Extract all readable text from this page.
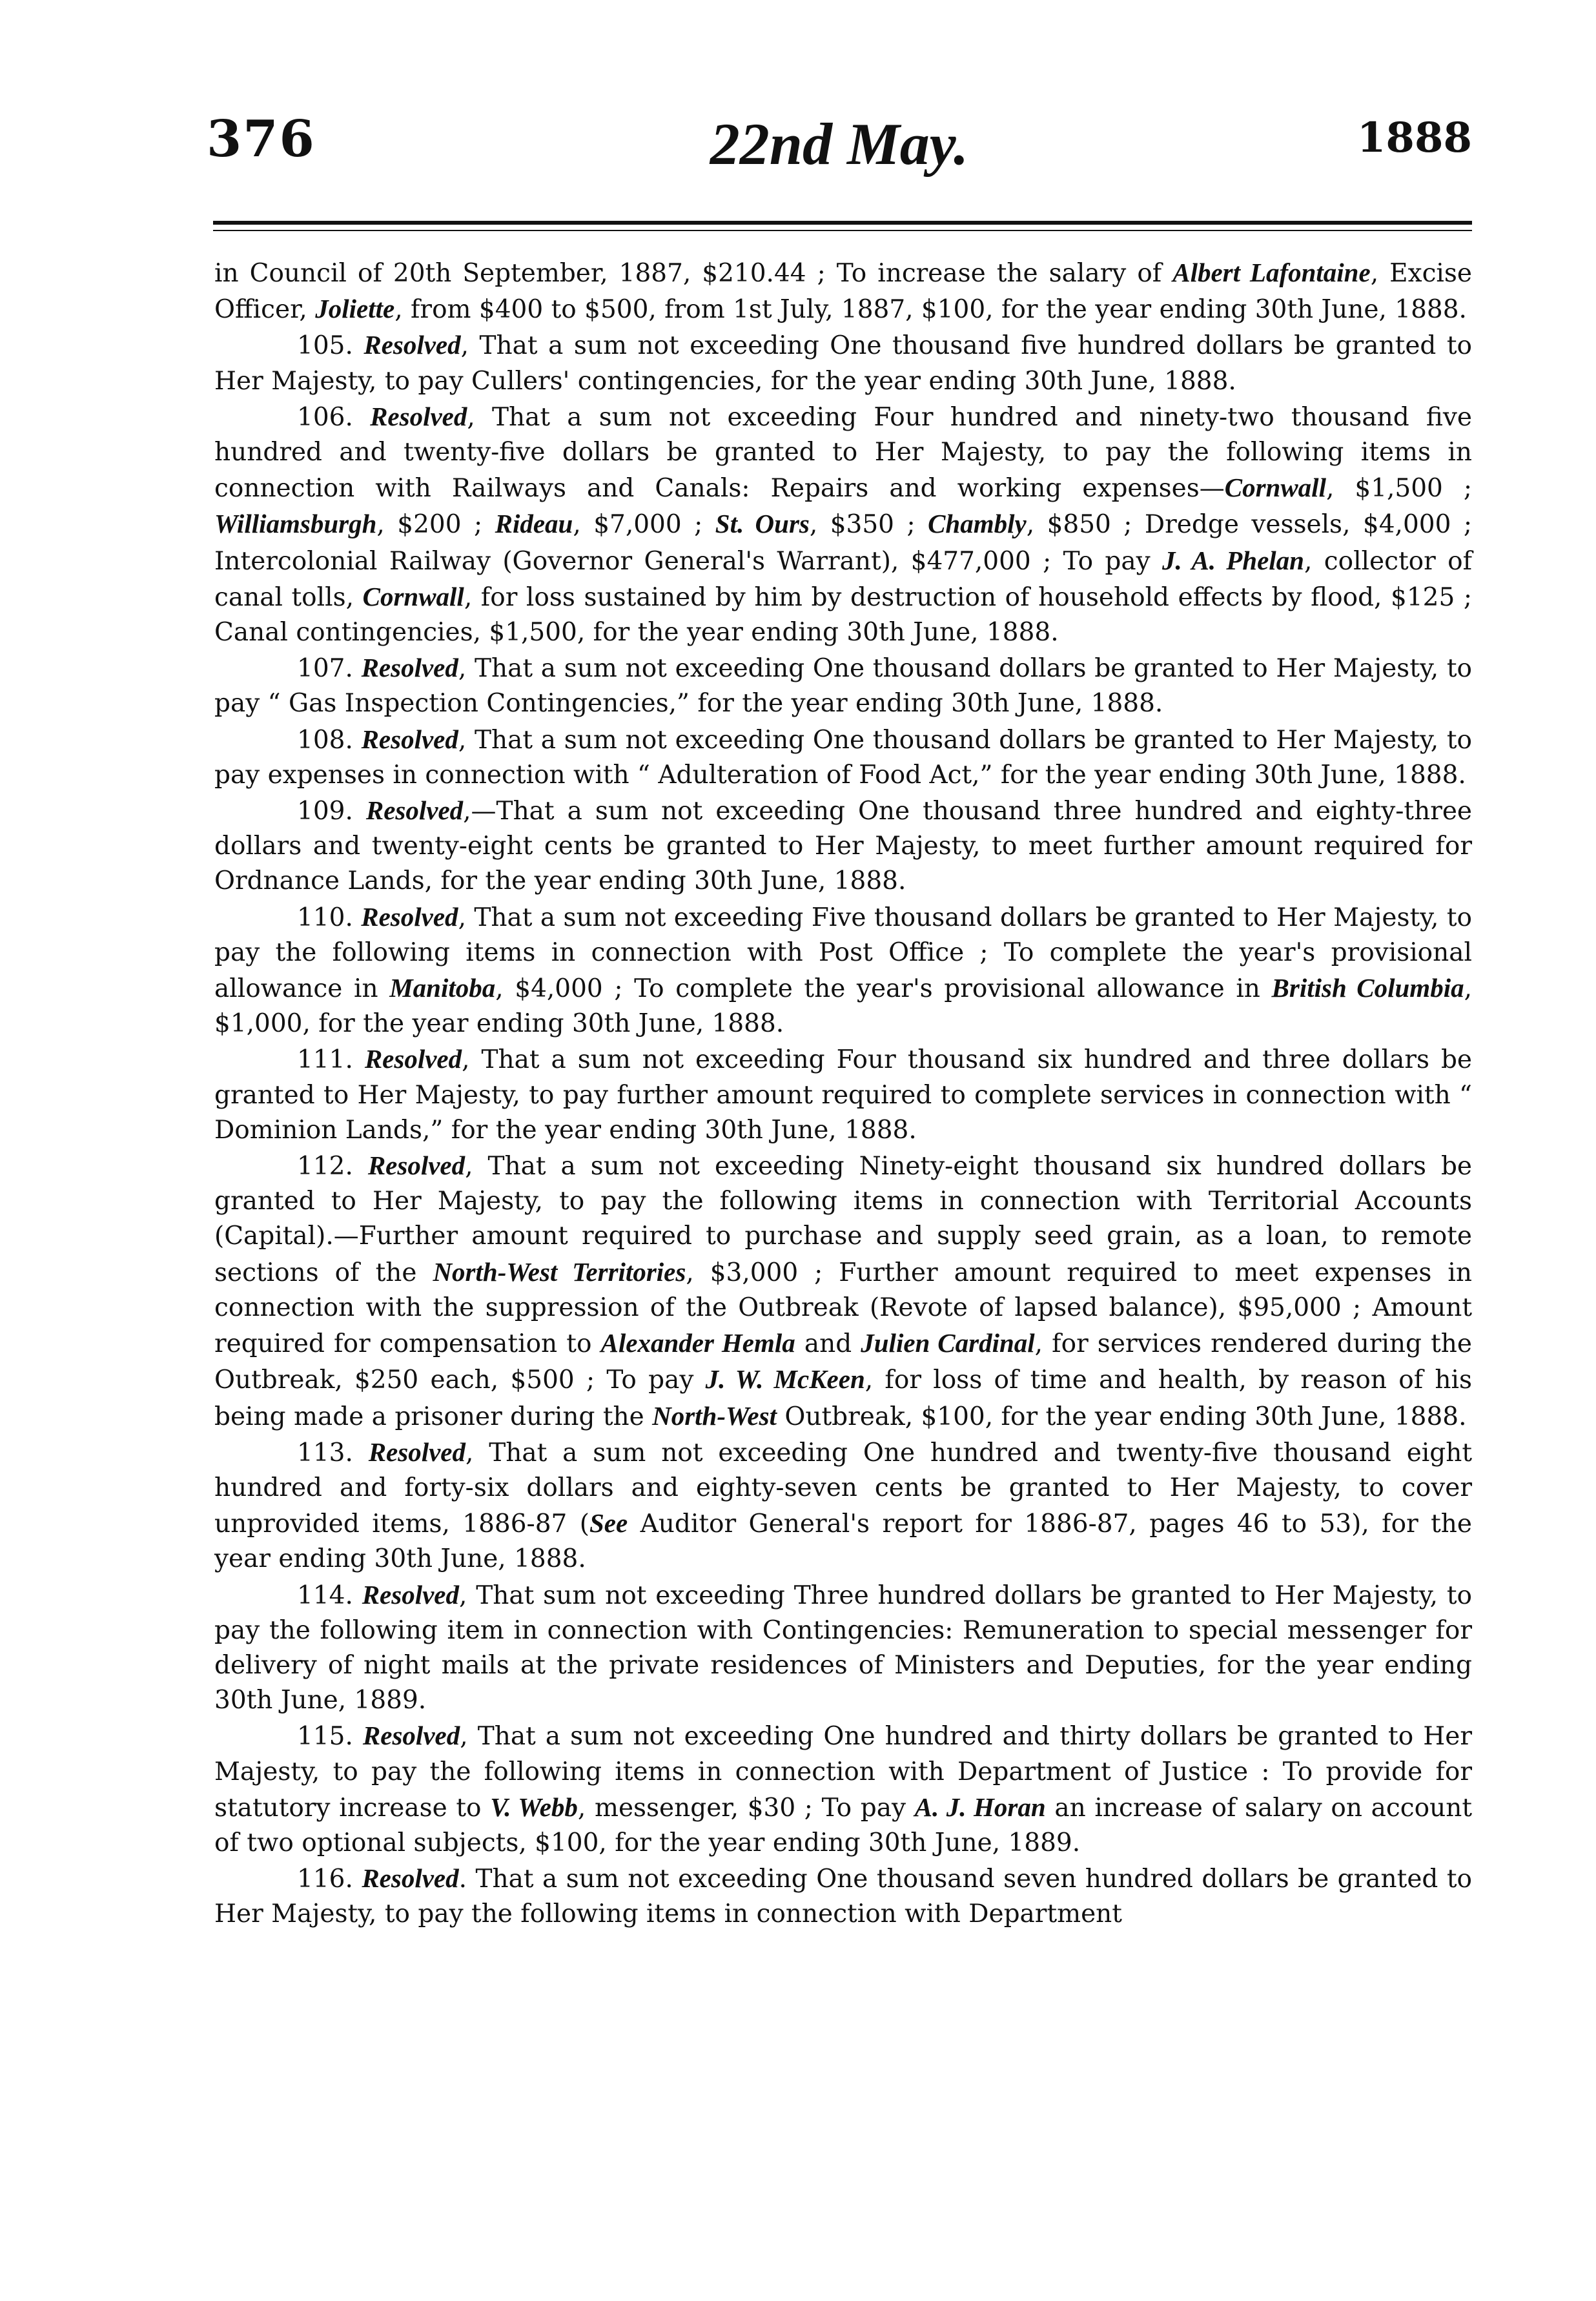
376	22nd May.	1888

in Council of 20th September, 1887, $210.44 ; To increase the salary of Albert Lafontaine, Excise Officer, Joliette, from $400 to $500, from 1st July, 1887, $100, for the year ending 30th June, 1888.

105. Resolved, That a sum not exceeding One thousand five hundred dollars be granted to Her Majesty, to pay Cullers' contingencies, for the year ending 30th June, 1888.

106. Resolved, That a sum not exceeding Four hundred and ninety-two thousand five hundred and twenty-five dollars be granted to Her Majesty, to pay the following items in connection with Railways and Canals: Repairs and working expenses—Cornwall, $1,500 ; Williamsburgh, $200 ; Rideau, $7,000 ; St. Ours, $350 ; Chambly, $850 ; Dredge vessels, $4,000 ; Intercolonial Railway (Governor General's Warrant), $477,000 ; To pay J. A. Phelan, collector of canal tolls, Cornwall, for loss sustained by him by destruction of household effects by flood, $125 ; Canal contingencies, $1,500, for the year ending 30th June, 1888.

107. Resolved, That a sum not exceeding One thousand dollars be granted to Her Majesty, to pay “ Gas Inspection Contingencies,” for the year ending 30th June, 1888.

108. Resolved, That a sum not exceeding One thousand dollars be granted to Her Majesty, to pay expenses in connection with “ Adulteration of Food Act,” for the year ending 30th June, 1888.

109. Resolved,—That a sum not exceeding One thousand three hundred and eighty-three dollars and twenty-eight cents be granted to Her Majesty, to meet further amount required for Ordnance Lands, for the year ending 30th June, 1888.

110. Resolved, That a sum not exceeding Five thousand dollars be granted to Her Majesty, to pay the following items in connection with Post Office ; To complete the year's provisional allowance in Manitoba, $4,000 ; To complete the year's provisional allowance in British Columbia, $1,000, for the year ending 30th June, 1888.

111. Resolved, That a sum not exceeding Four thousand six hundred and three dollars be granted to Her Majesty, to pay further amount required to complete services in connection with “ Dominion Lands,” for the year ending 30th June, 1888.

112. Resolved, That a sum not exceeding Ninety-eight thousand six hundred dollars be granted to Her Majesty, to pay the following items in connection with Territorial Accounts (Capital).—Further amount required to purchase and supply seed grain, as a loan, to remote sections of the North-West Territories, $3,000 ; Further amount required to meet expenses in connection with the suppression of the Outbreak (Revote of lapsed balance), $95,000 ; Amount required for compensation to Alexander Hemla and Julien Cardinal, for services rendered during the Outbreak, $250 each, $500 ; To pay J. W. McKeen, for loss of time and health, by reason of his being made a prisoner during the North-West Outbreak, $100, for the year ending 30th June, 1888.

113. Resolved, That a sum not exceeding One hundred and twenty-five thousand eight hundred and forty-six dollars and eighty-seven cents be granted to Her Majesty, to cover unprovided items, 1886-87 (See Auditor General's report for 1886-87, pages 46 to 53), for the year ending 30th June, 1888.

114. Resolved, That sum not exceeding Three hundred dollars be granted to Her Majesty, to pay the following item in connection with Contingencies: Remuneration to special messenger for delivery of night mails at the private residences of Ministers and Deputies, for the year ending 30th June, 1889.

115. Resolved, That a sum not exceeding One hundred and thirty dollars be granted to Her Majesty, to pay the following items in connection with Department of Justice : To provide for statutory increase to V. Webb, messenger, $30 ; To pay A. J. Horan an increase of salary on account of two optional subjects, $100, for the year ending 30th June, 1889.

116. Resolved. That a sum not exceeding One thousand seven hundred dollars be granted to Her Majesty, to pay the following items in connection with Department
